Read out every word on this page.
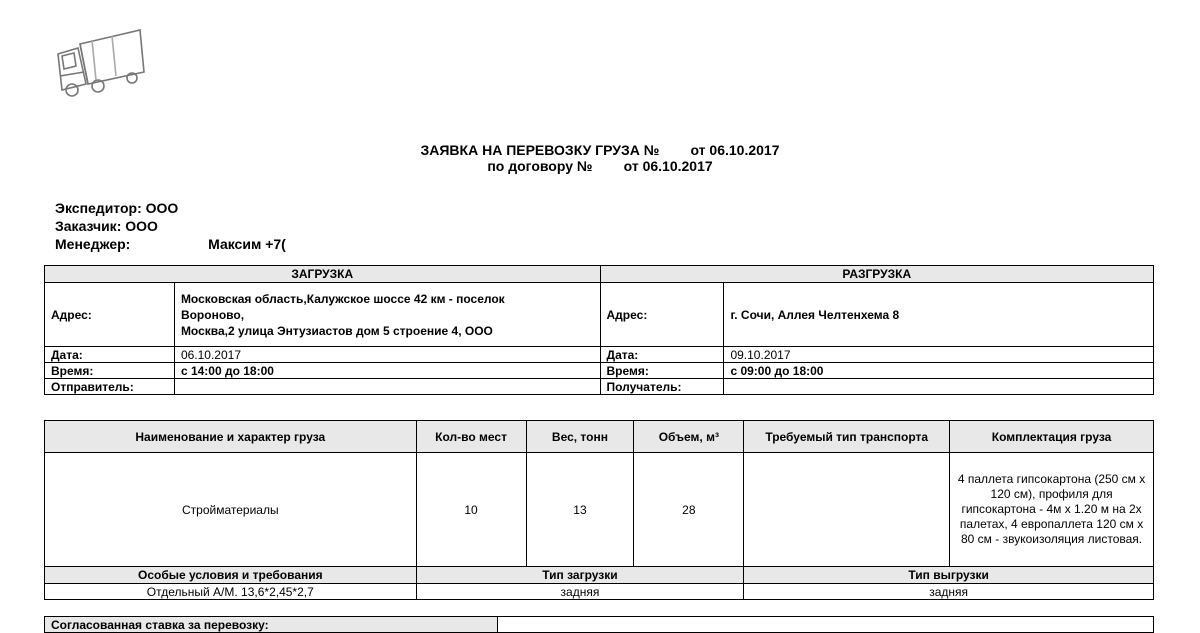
ЗАЯВКА НА ПЕРЕВОЗКУ ГРУЗА №        от 06.10.2017
по договору №        от 06.10.2017
Экспедитор: ООО
Заказчик: ООО
Менеджер:                    Максим +7(
ЗАГРУЗКА		РАЗГРУЗКА	
Адрес:	Московская область,Калужское шоссе 42 км - поселок
Вороново,
Москва,2 улица Энтузиастов дом 5 строение 4, ООО	Адрес:	г. Сочи, Аллея Челтенхема 8
Дата:	06.10.2017	Дата:	09.10.2017
Время:	с 14:00 до 18:00	Время:	с 09:00 до 18:00
Отправитель:		Получатель:	
Наименование и характер груза	Кол-во мест	Вес, тонн	Объем, м³	Требуемый тип транспорта	Комплектация груза
Стройматериалы	10	13	28		4 паллета гипсокартона (250 см х 120 см), профиля для гипсокартона - 4м х 1.20 м на 2х палетах, 4 европаллета 120 см х 80 см - звукоизоляция листовая.
Особые условия и требования	Тип загрузки			Тип выгрузки	
Отдельный А/М. 13,6*2,45*2,7	задняя			задняя	
Согласованная ставка за перевозку:	
